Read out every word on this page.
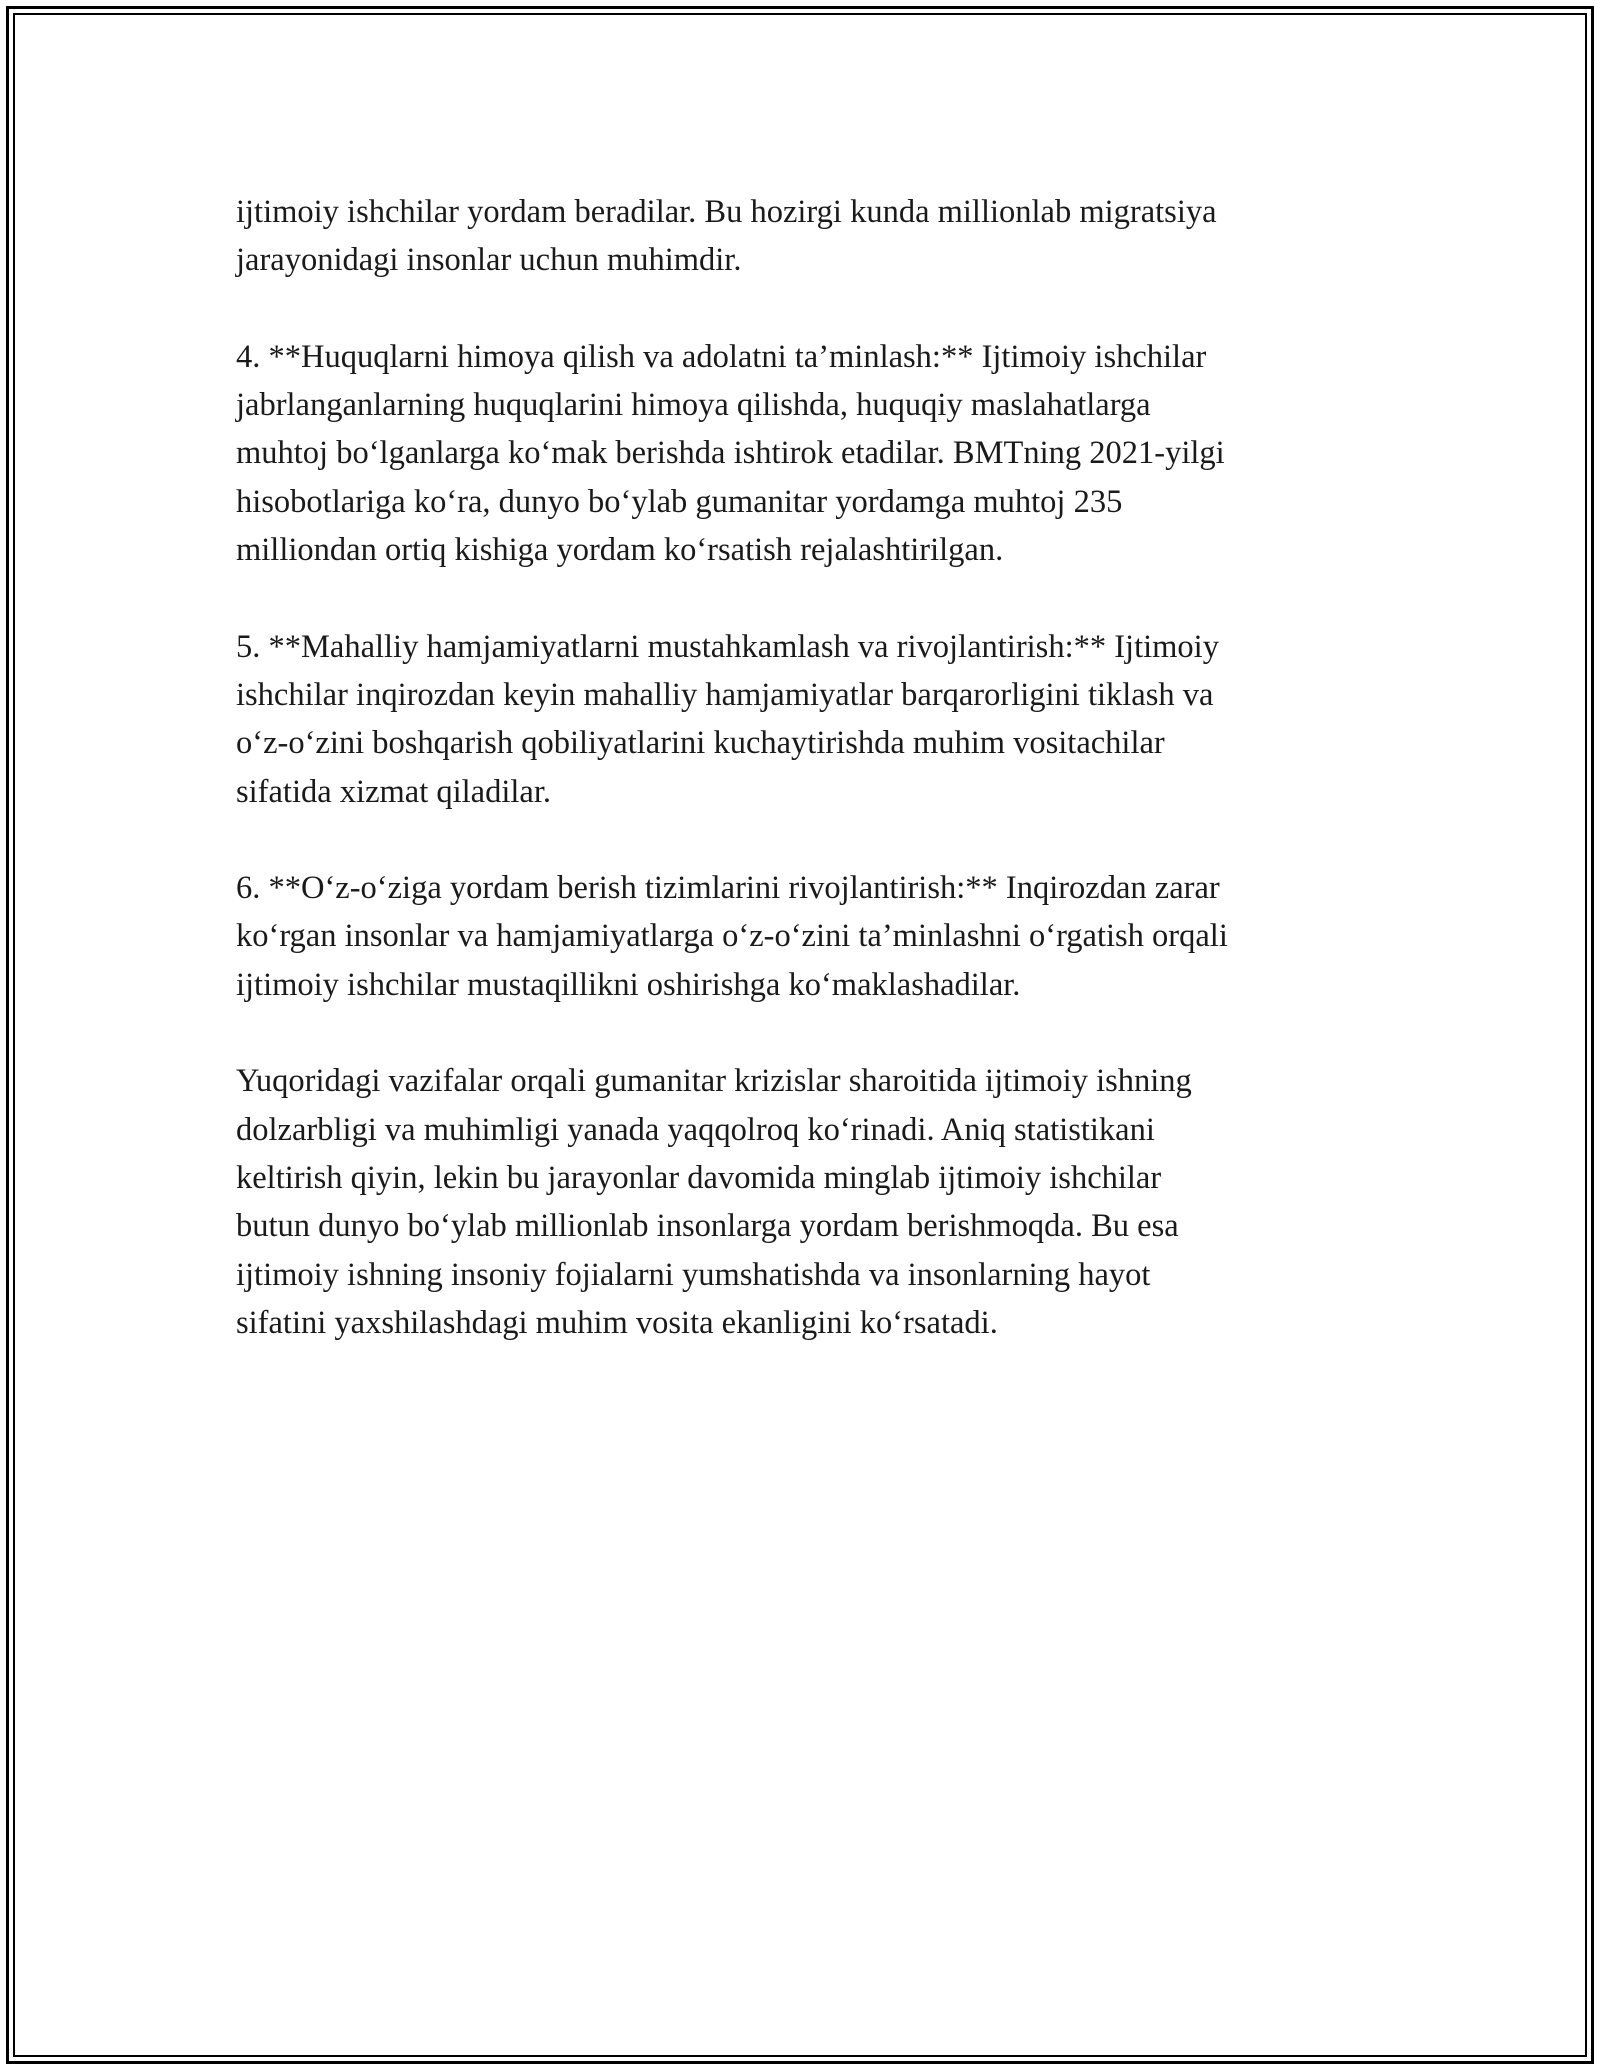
ijtimoiy ishchilar yordam beradilar. Bu hozirgi kunda millionlab migratsiya
jarayonidagi insonlar uchun muhimdir.

4. **Huquqlarni himoya qilish va adolatni ta’minlash:** Ijtimoiy ishchilar
jabrlanganlarning huquqlarini himoya qilishda, huquqiy maslahatlarga
muhtoj bo‘lganlarga ko‘mak berishda ishtirok etadilar. BMTning 2021-yilgi
hisobotlariga ko‘ra, dunyo bo‘ylab gumanitar yordamga muhtoj 235
milliondan ortiq kishiga yordam ko‘rsatish rejalashtirilgan.

5. **Mahalliy hamjamiyatlarni mustahkamlash va rivojlantirish:** Ijtimoiy
ishchilar inqirozdan keyin mahalliy hamjamiyatlar barqarorligini tiklash va
o‘z-o‘zini boshqarish qobiliyatlarini kuchaytirishda muhim vositachilar
sifatida xizmat qiladilar.

6. **O‘z-o‘ziga yordam berish tizimlarini rivojlantirish:** Inqirozdan zarar
ko‘rgan insonlar va hamjamiyatlarga o‘z-o‘zini ta’minlashni o‘rgatish orqali
ijtimoiy ishchilar mustaqillikni oshirishga ko‘maklashadilar.

Yuqoridagi vazifalar orqali gumanitar krizislar sharoitida ijtimoiy ishning
dolzarbligi va muhimligi yanada yaqqolroq ko‘rinadi. Aniq statistikani
keltirish qiyin, lekin bu jarayonlar davomida minglab ijtimoiy ishchilar
butun dunyo bo‘ylab millionlab insonlarga yordam berishmoqda. Bu esa
ijtimoiy ishning insoniy fojialarni yumshatishda va insonlarning hayot
sifatini yaxshilashdagi muhim vosita ekanligini ko‘rsatadi.
